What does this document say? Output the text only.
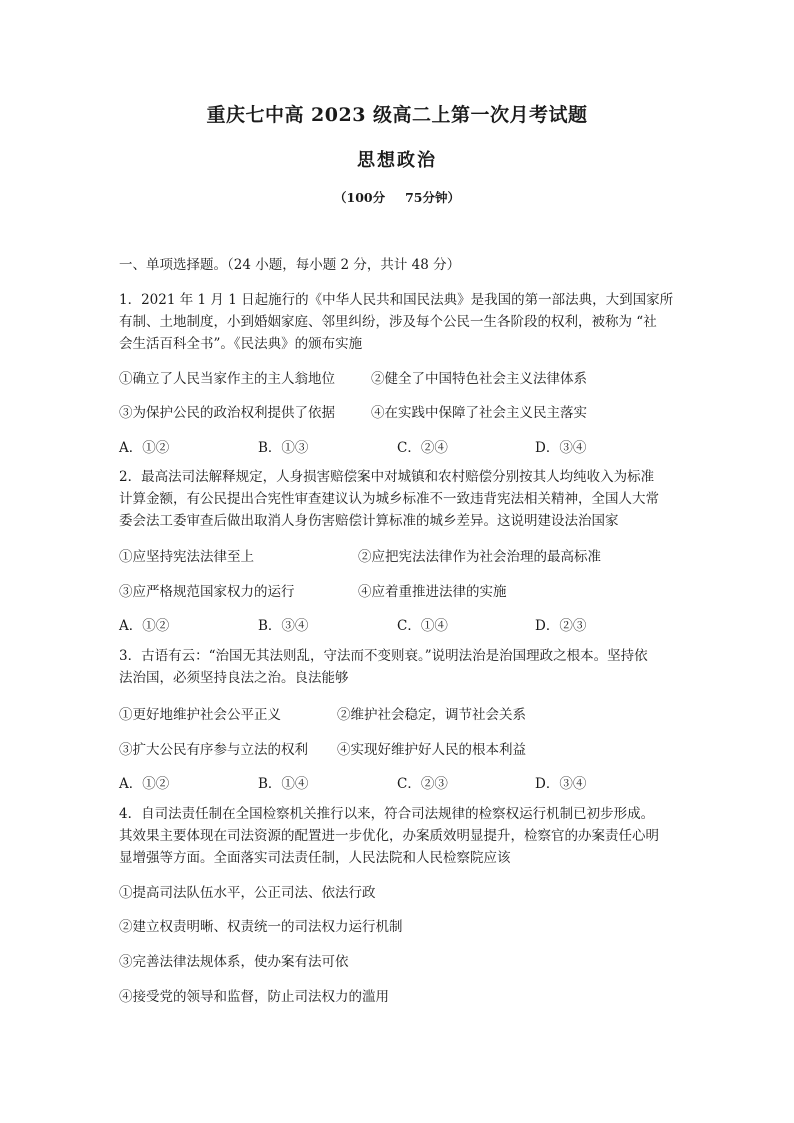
重庆七中高 2023 级高二上第一次月考试题
思想政治
（100分 75分钟）
一、单项选择题。（24 小题，每小题 2 分，共计 48 分）
1．2021 年 1 月 1 日起施行的《中华人民共和国民法典》是我国的第一部法典，大到国家所
有制、土地制度，小到婚姻家庭、邻里纠纷，涉及每个公民一生各阶段的权利，被称为 “社
会生活百科全书”。《民法典》的颁布实施
①确立了人民当家作主的主人翁地位	②健全了中国特色社会主义法律体系
③为保护公民的政治权利提供了依据	④在实践中保障了社会主义民主落实
A．①②	B．①③	C．②④	D．③④
2．最高法司法解释规定，人身损害赔偿案中对城镇和农村赔偿分别按其人均纯收入为标准
计算金额，有公民提出合宪性审查建议认为城乡标准不一致违背宪法相关精神，全国人大常
委会法工委审查后做出取消人身伤害赔偿计算标准的城乡差异。这说明建设法治国家
①应坚持宪法法律至上	②应把宪法法律作为社会治理的最高标准
③应严格规范国家权力的运行	④应着重推进法律的实施
A．①②	B．③④	C．①④	D．②③
3．古语有云：“治国无其法则乱，守法而不变则衰。”说明法治是治国理政之根本。坚持依
法治国，必须坚持良法之治。良法能够
①更好地维护社会公平正义	②维护社会稳定，调节社会关系
③扩大公民有序参与立法的权利 ④实现好维护好人民的根本利益
A．①②	B．①④	C．②③	D．③④
4．自司法责任制在全国检察机关推行以来，符合司法规律的检察权运行机制已初步形成。
其效果主要体现在司法资源的配置进一步优化，办案质效明显提升，检察官的办案责任心明
显增强等方面。全面落实司法责任制，人民法院和人民检察院应该
①提高司法队伍水平，公正司法、依法行政
②建立权责明晰、权责统一的司法权力运行机制
③完善法律法规体系，使办案有法可依
④接受党的领导和监督，防止司法权力的滥用
